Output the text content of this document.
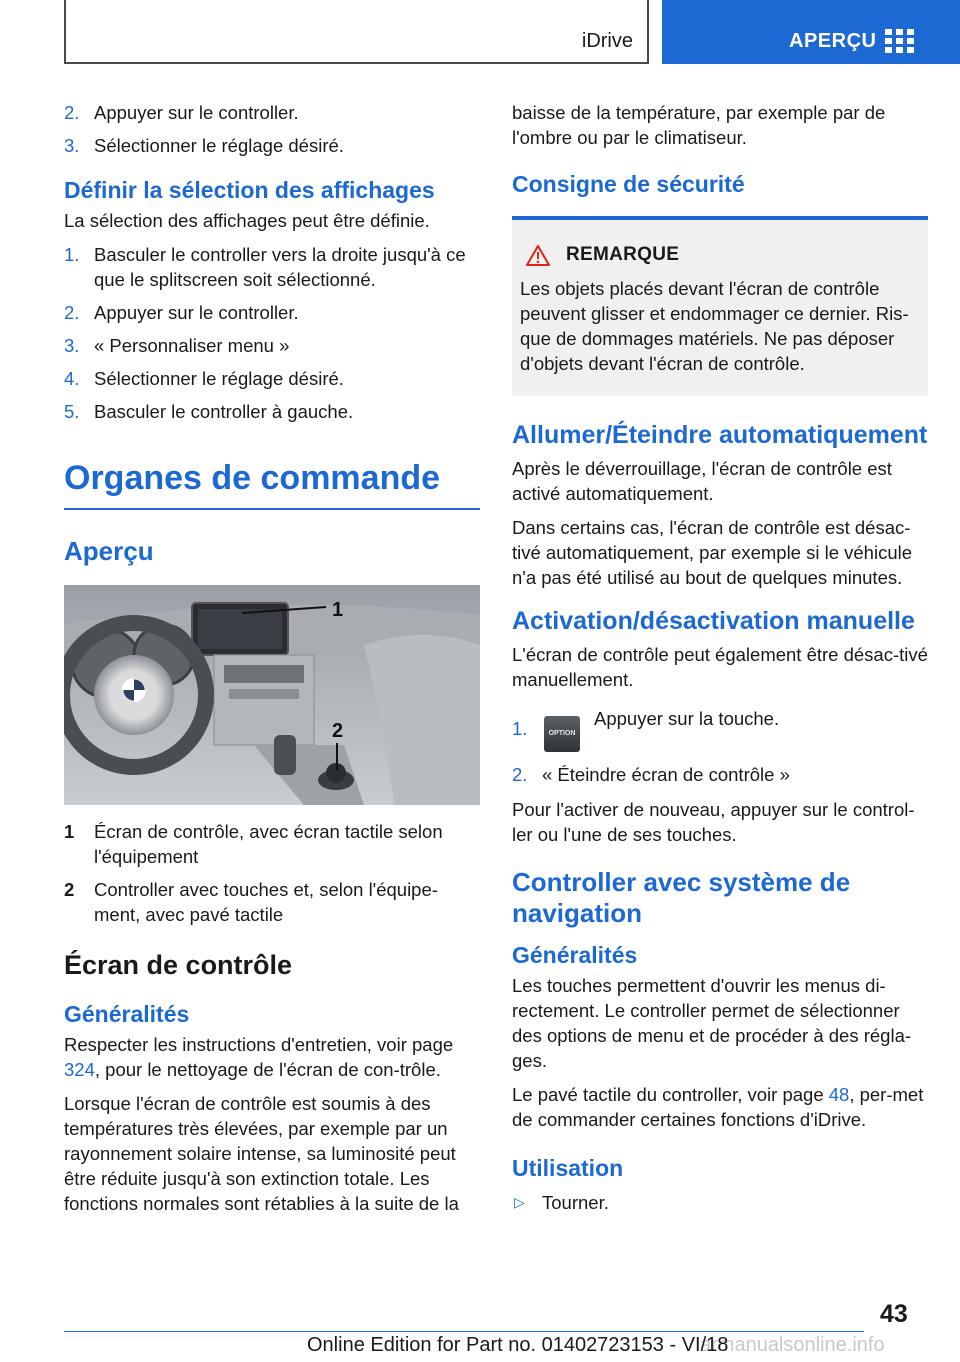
iDrive	APERÇU
2. Appuyer sur le controller.
3. Sélectionner le réglage désiré.
Définir la sélection des affichages

La sélection des affichages peut être définie.

1. Basculer le controller vers la droite jusqu'à ce que le splitscreen soit sélectionné.
2. Appuyer sur le controller.
3. « Personnaliser menu »
4. Sélectionner le réglage désiré.
5. Basculer le controller à gauche.
Organes de commande
Aperçu
1
2
1 Écran de contrôle, avec écran tactile selon l'équipement
2 Controller avec touches et, selon l'équipe-ment, avec pavé tactile
Écran de contrôle
Généralités

Respecter les instructions d'entretien, voir page 324, pour le nettoyage de l'écran de con-trôle.

Lorsque l'écran de contrôle est soumis à des températures très élevées, par exemple par un rayonnement solaire intense, sa luminosité peut être réduite jusqu'à son extinction totale. Les fonctions normales sont rétablies à la suite de la

baisse de la température, par exemple par de l'ombre ou par le climatiseur.

Consigne de sécurité
REMARQUE

Les objets placés devant l'écran de contrôle peuvent glisser et endommager ce dernier. Ris-que de dommages matériels. Ne pas déposer d'objets devant l'écran de contrôle.

Allumer/Éteindre automatiquement

Après le déverrouillage, l'écran de contrôle est activé automatiquement.

Dans certains cas, l'écran de contrôle est désac-tivé automatiquement, par exemple si le véhicule n'a pas été utilisé au bout de quelques minutes.

Activation/désactivation manuelle

L'écran de contrôle peut également être désac-tivé manuellement.

1.	OPTIONAppuyer sur la touche.
2. « Éteindre écran de contrôle »

Pour l'activer de nouveau, appuyer sur le control-ler ou l'une de ses touches.

Controller avec système de navigation
Généralités

Les touches permettent d'ouvrir les menus di-rectement. Le controller permet de sélectionner des options de menu et de procéder à des régla-ges.

Le pavé tactile du controller, voir page 48, per-met de commander certaines fonctions d'iDrive.

Utilisation
▷ Tourner.
43
armanualsonline.info
Online Edition for Part no. 01402723153 - VI/18
